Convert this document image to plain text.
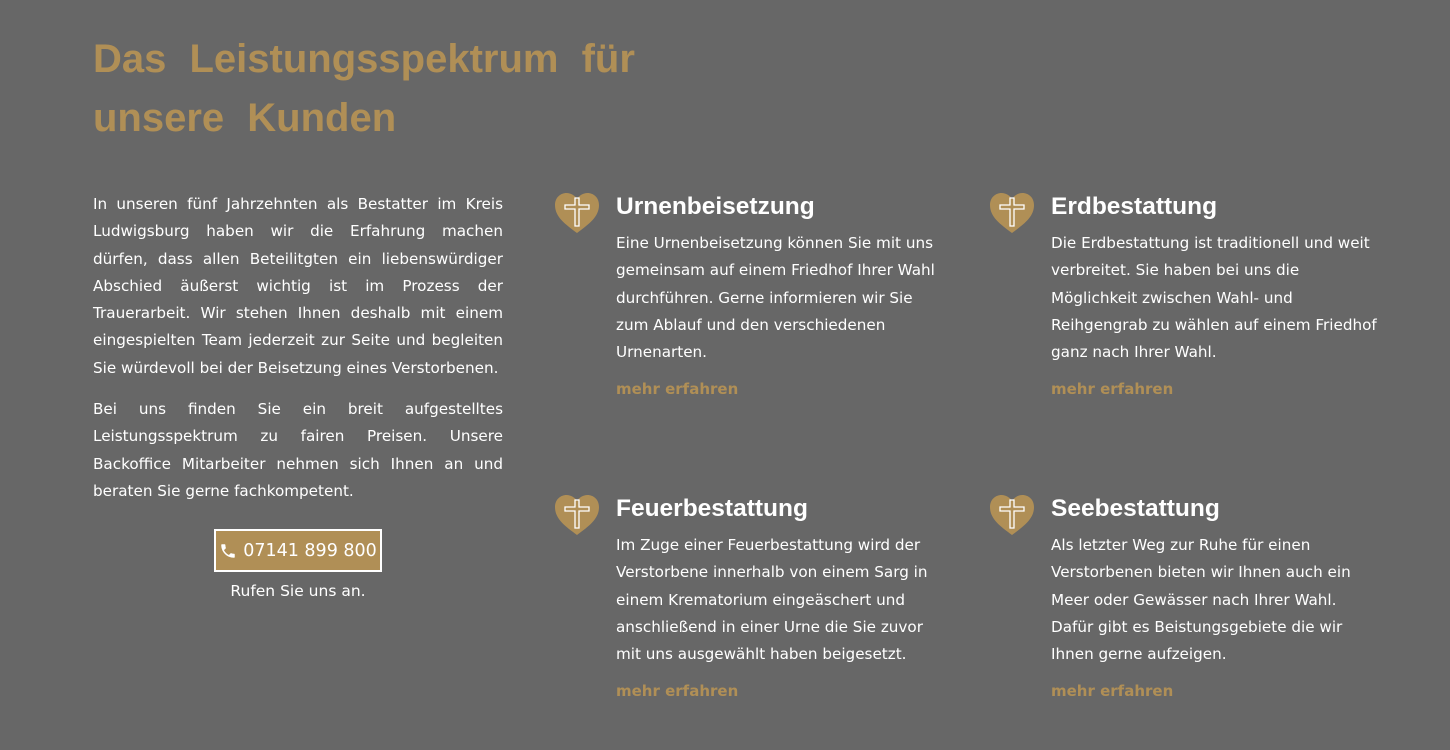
Das Leistungsspektrum für unsere Kunden

In unseren fünf Jahrzehnten als Bestatter im Kreis Ludwigsburg haben wir die Erfahrung machen dürfen, dass allen Beteilitgten ein liebenswürdiger Abschied äußerst wichtig ist im Prozess der Trauerarbeit. Wir stehen Ihnen deshalb mit einem eingespielten Team jederzeit zur Seite und begleiten Sie würdevoll bei der Beisetzung eines Verstorbenen.

Bei uns finden Sie ein breit aufgestelltes Leistungsspektrum zu fairen Preisen. Unsere Backoffice Mitarbeiter nehmen sich Ihnen an und beraten Sie gerne fachkompetent.

07141 899 800
Rufen Sie uns an.
Urnenbeisetzung

Eine Urnenbeisetzung können Sie mit uns gemeinsam auf einem Friedhof Ihrer Wahl durchführen. Gerne informieren wir Sie zum Ablauf und den verschiedenen Urnenarten.

mehr erfahren
Erdbestattung

Die Erdbestattung ist traditionell und weit verbreitet. Sie haben bei uns die Möglichkeit zwischen Wahl- und Reihgengrab zu wählen auf einem Friedhof ganz nach Ihrer Wahl.

mehr erfahren
Feuerbestattung

Im Zuge einer Feuerbestattung wird der Verstorbene innerhalb von einem Sarg in einem Krematorium eingeäschert und anschließend in einer Urne die Sie zuvor mit uns ausgewählt haben beigesetzt.

mehr erfahren
Seebestattung

Als letzter Weg zur Ruhe für einen Verstorbenen bieten wir Ihnen auch ein Meer oder Gewässer nach Ihrer Wahl. Dafür gibt es Beistungsgebiete die wir Ihnen gerne aufzeigen.

mehr erfahren
